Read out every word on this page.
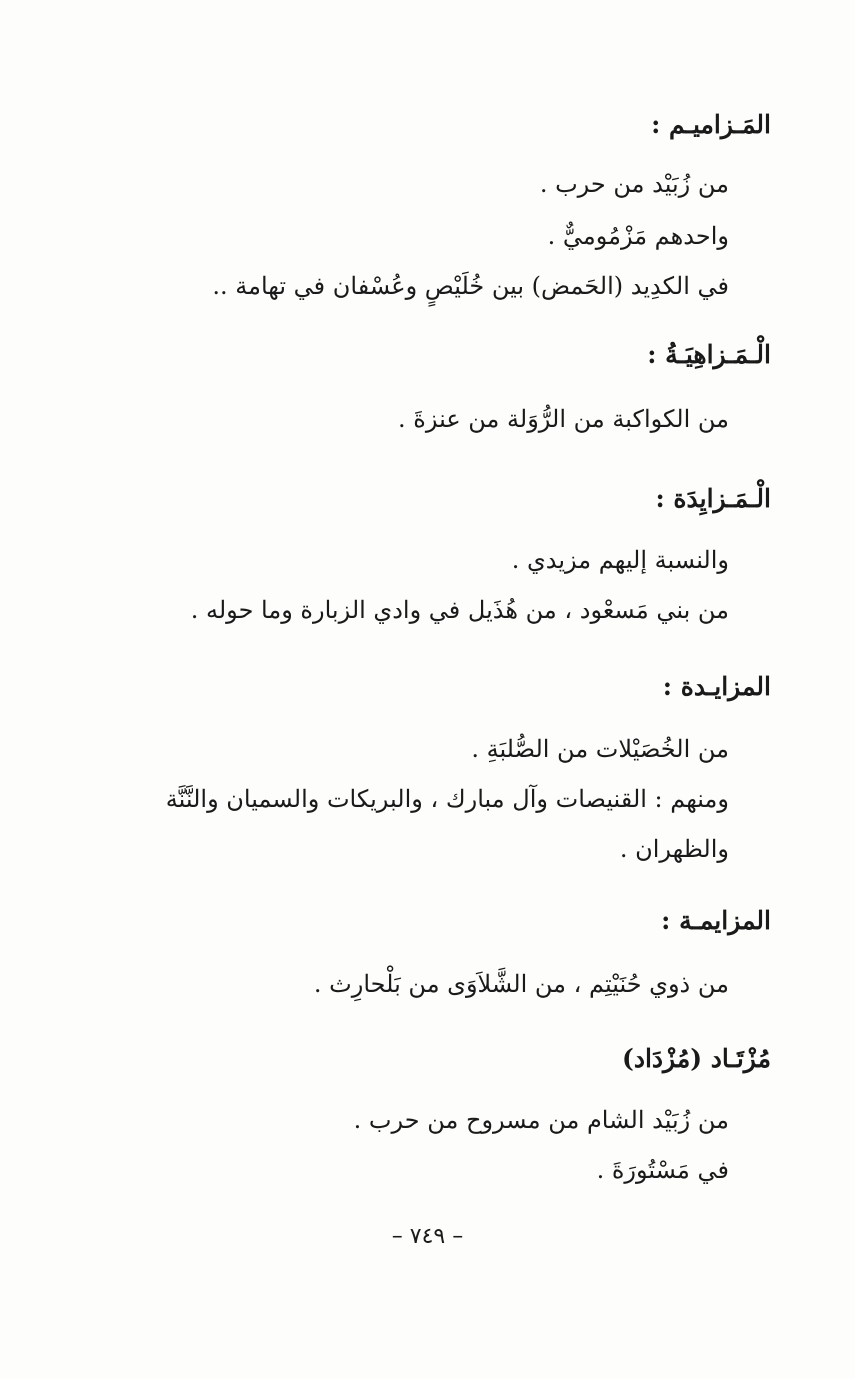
المَـزاميـم :
من زُبَيْد من حرب .
واحدهم مَزْمُوميٌّ .
في الكدِيد (الحَمض) بين خُلَيْصٍ وعُسْفان في تهامة ..
الْـمَـزاهِيَـةُ :
من الكواكبة من الرُّوَلة من عنزةَ .
الْـمَـزايِدَة :
والنسبة إليهم مزيدي .
من بني مَسعْود ، من هُذَيل في وادي الزبارة وما حوله .
المزايـدة :
من الخُصَيْلات من الصُّلبَةِ .
ومنهم : القنيصات وآل مبارك ، والبريكات والسميان والنَّنَّة
والظهران .
المزايمـة :
من ذوي حُنَيْتِم ، من الشَّلاَوَى من بَلْحارِث .
مُزْتَـاد (مُزْدَاد)
من زُبَيْد الشام من مسروح من حرب .
في مَسْتُورَةَ .
– ٧٤٩ –
